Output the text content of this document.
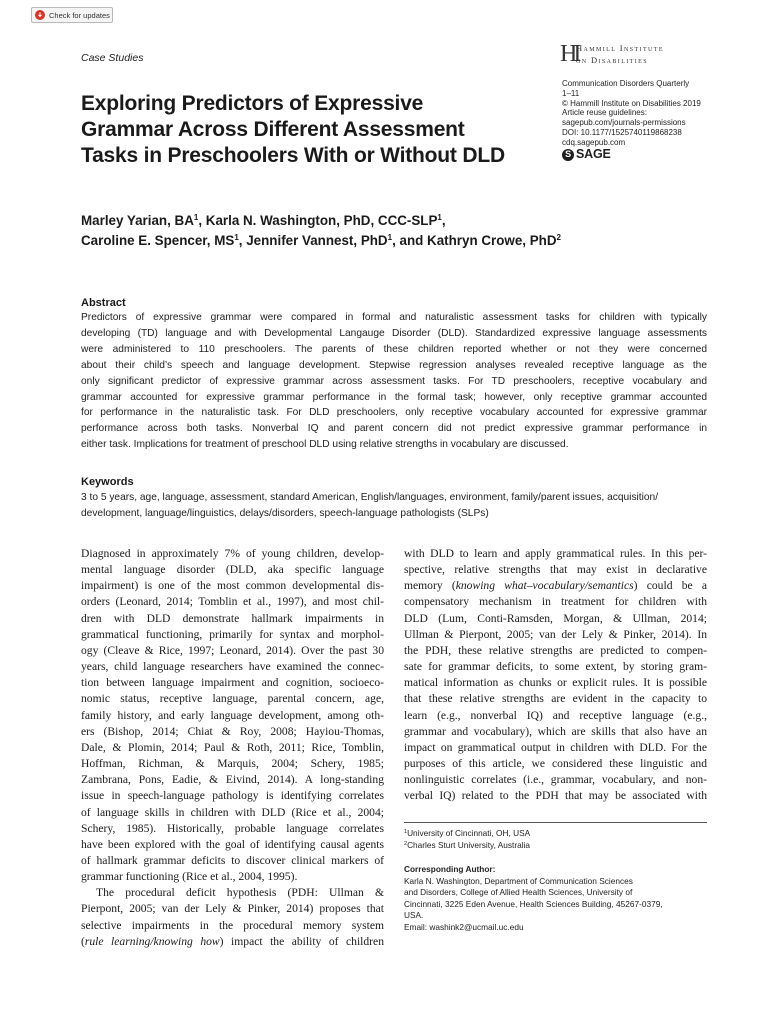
Check for updates
Case Studies	HI
Hammill Institute
on Disabilities
Communication Disorders Quarterly
1–11
© Hammill Institute on Disabilities 2019
Article reuse guidelines:
sagepub.com/journals-permissions
DOI: 10.1177/1525740119868238
cdq.sagepub.com
S SAGE
Exploring Predictors of Expressive
Grammar Across Different Assessment
Tasks in Preschoolers With or Without DLD
Marley Yarian, $BA^1$, Karla N. Washington, PhD, CCC-SLP$^1$,
Caroline E. Spencer, $MS^1$, Jennifer Vannest, PhD$^1$, and Kathryn Crowe, PhD$^2$
Abstract
Predictors of expressive grammar were compared in formal and naturalistic assessment tasks for children with typically
developing (TD) language and with Developmental Langauge Disorder (DLD). Standardized expressive language assessments
were administered to 110 preschoolers. The parents of these children reported whether or not they were concerned
about their child’s speech and language development. Stepwise regression analyses revealed receptive language as the
only significant predictor of expressive grammar across assessment tasks. For TD preschoolers, receptive vocabulary and
grammar accounted for expressive grammar performance in the formal task; however, only receptive grammar accounted
for performance in the naturalistic task. For DLD preschoolers, only receptive vocabulary accounted for expressive grammar
performance across both tasks. Nonverbal IQ and parent concern did not predict expressive grammar performance in
either task. Implications for treatment of preschool DLD using relative strengths in vocabulary are discussed.
Keywords
3 to 5 years, age, language, assessment, standard American, English/languages, environment, family/parent issues, acquisition/
development, language/linguistics, delays/disorders, speech-language pathologists (SLPs)
Diagnosed in approximately 7% of young children, develop-
mental language disorder (DLD, aka specific language
impairment) is one of the most common developmental dis-
orders (Leonard, 2014; Tomblin et al., 1997), and most chil-
dren with DLD demonstrate hallmark impairments in
grammatical functioning, primarily for syntax and morphol-
ogy (Cleave & Rice, 1997; Leonard, 2014). Over the past 30
years, child language researchers have examined the connec-
tion between language impairment and cognition, socioeco-
nomic status, receptive language, parental concern, age,
family history, and early language development, among oth-
ers (Bishop, 2014; Chiat & Roy, 2008; Hayiou-Thomas,
Dale, & Plomin, 2014; Paul & Roth, 2011; Rice, Tomblin,
Hoffman, Richman, & Marquis, 2004; Schery, 1985;
Zambrana, Pons, Eadie, & Eivind, 2014). A long-standing
issue in speech-language pathology is identifying correlates
of language skills in children with DLD (Rice et al., 2004;
Schery, 1985). Historically, probable language correlates
have been explored with the goal of identifying causal agents
of hallmark grammar deficits to discover clinical markers of
grammar functioning (Rice et al., 2004, 1995).
The procedural deficit hypothesis (PDH: Ullman &
Pierpont, 2005; van der Lely & Pinker, 2014) proposes that
selective impairments in the procedural memory system
(rule learning/knowing how) impact the ability of children
with DLD to learn and apply grammatical rules. In this per-
spective, relative strengths that may exist in declarative
memory (knowing what–vocabulary/semantics) could be a
compensatory mechanism in treatment for children with
DLD (Lum, Conti-Ramsden, Morgan, & Ullman, 2014;
Ullman & Pierpont, 2005; van der Lely & Pinker, 2014). In
the PDH, these relative strengths are predicted to compen-
sate for grammar deficits, to some extent, by storing gram-
matical information as chunks or explicit rules. It is possible
that these relative strengths are evident in the capacity to
learn (e.g., nonverbal IQ) and receptive language (e.g.,
grammar and vocabulary), which are skills that also have an
impact on grammatical output in children with DLD. For the
purposes of this article, we considered these linguistic and
nonlinguistic correlates (i.e., grammar, vocabulary, and non-
verbal IQ) related to the PDH that may be associated with
$^1$University of Cincinnati, OH, USA
$^2$Charles Sturt University, Australia
Corresponding Author:
Karla N. Washington, Department of Communication Sciences
and Disorders, College of Allied Health Sciences, University of
Cincinnati, 3225 Eden Avenue, Health Sciences Building, 45267-0379,
USA.
Email: washink2@ucmail.uc.edu
